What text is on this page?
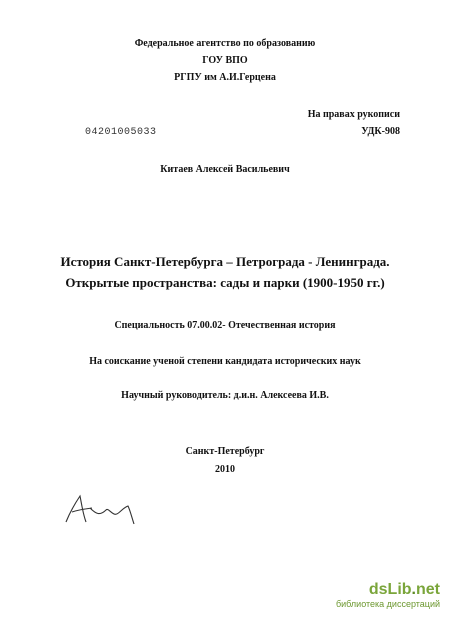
Федеральное агентство по образованию
ГОУ ВПО
РГПУ им А.И.Герцена
На правах рукописи
УДК-908
04201005033
Китаев Алексей Васильевич
История Санкт-Петербурга – Петрограда - Ленинграда.
Открытые пространства: сады и парки (1900-1950 гг.)
Специальность 07.00.02- Отечественная история
На соискание ученой степени кандидата исторических наук
Научный руководитель: д.и.н. Алексеева И.В.
Санкт-Петербург
2010
dsLib.net
библиотека диссертаций
